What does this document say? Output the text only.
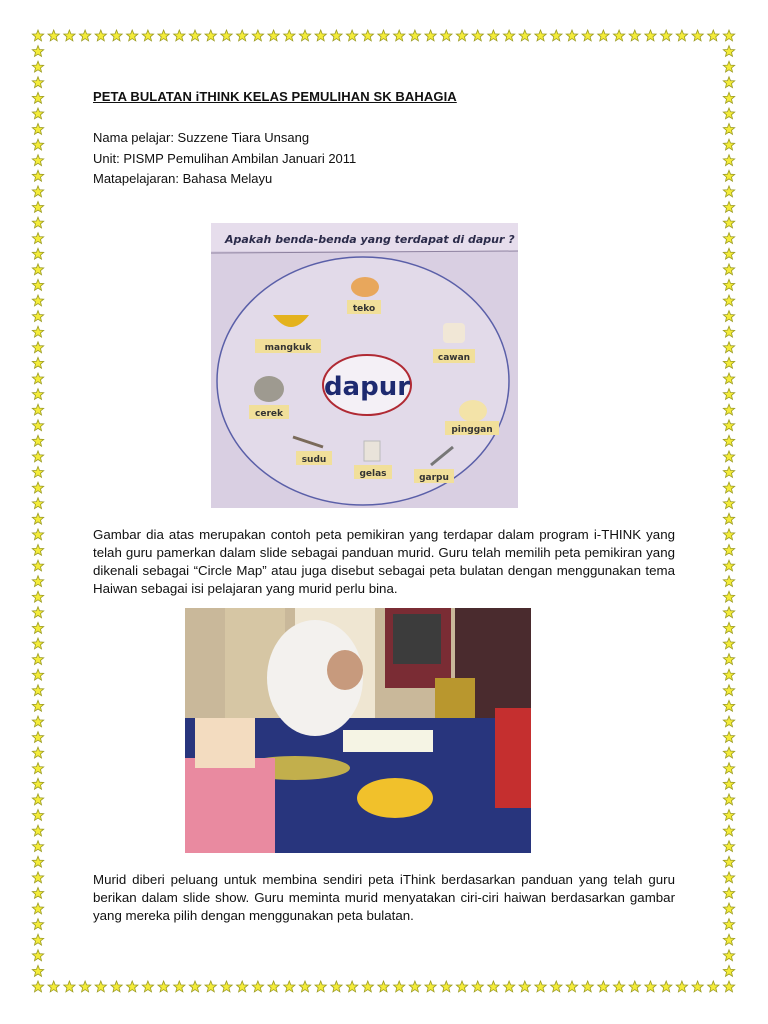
PETA BULATAN iTHINK KELAS PEMULIHAN SK BAHAGIA
Nama pelajar: Suzzene Tiara Unsang
Unit: PISMP Pemulihan Ambilan Januari 2011
Matapelajaran: Bahasa Melayu
Apakah benda-benda yang terdapat di dapur ?
dapur
teko
cawan
pinggan
garpu
gelas
sudu
cerek
mangkuk
Gambar dia atas merupakan contoh peta pemikiran yang terdapar dalam program i-THINK yang telah guru pamerkan dalam slide sebagai panduan murid. Guru telah memilih peta pemikiran yang dikenali sebagai “Circle Map” atau juga disebut sebagai peta bulatan dengan menggunakan tema Haiwan sebagai isi pelajaran yang murid perlu bina.
Murid diberi peluang untuk membina sendiri peta iThink berdasarkan panduan yang telah guru berikan dalam slide show. Guru meminta murid menyatakan ciri-ciri haiwan berdasarkan gambar yang mereka pilih dengan menggunakan peta bulatan.
